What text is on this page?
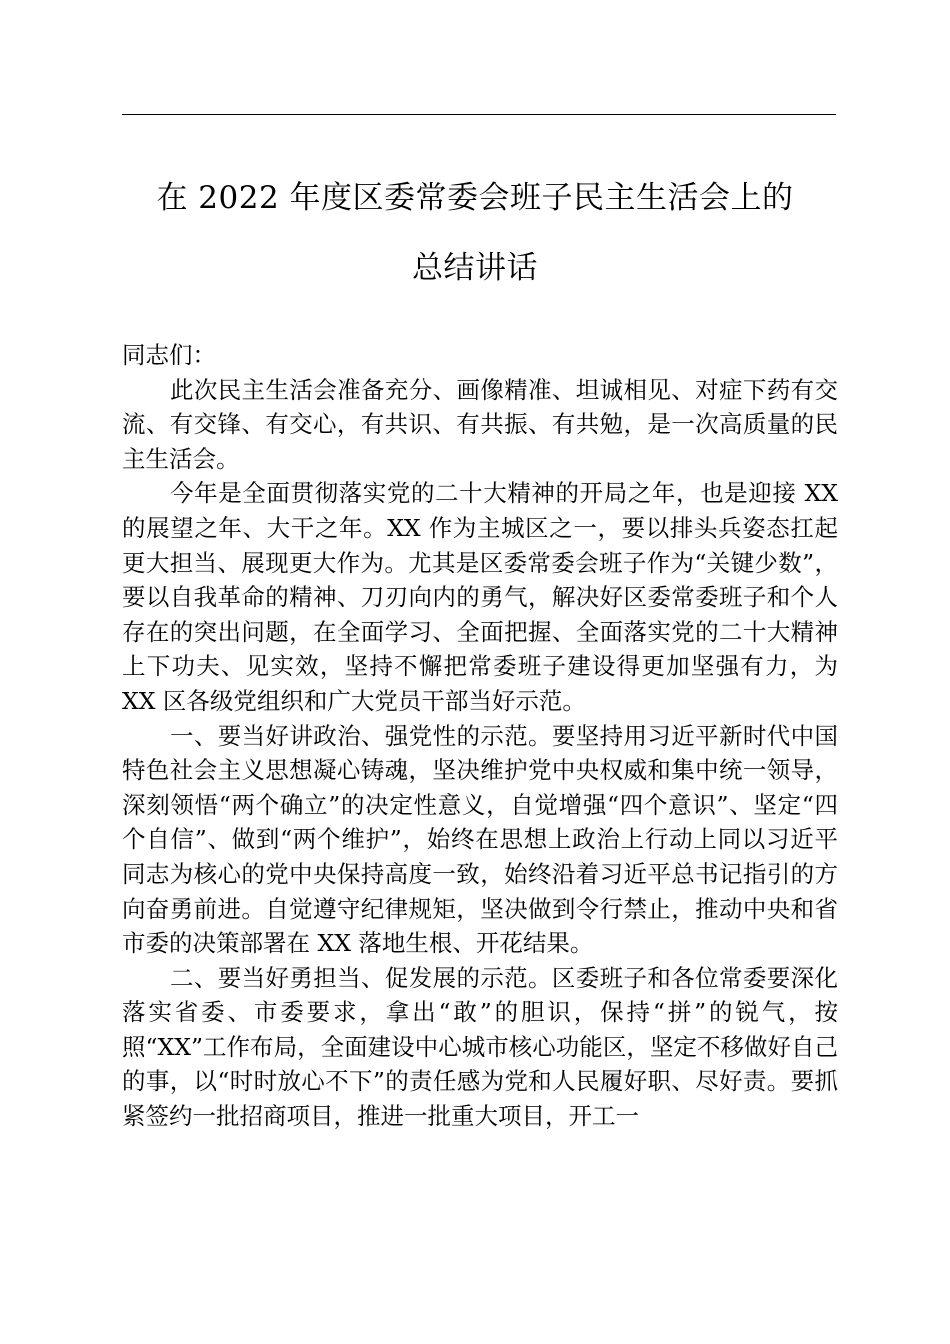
在 2022 年度区委常委会班子民主生活会上的
总结讲话

同志们：

此次民主生活会准备充分、画像精准、坦诚相见、对症下药有交流、有交锋、有交心，有共识、有共振、有共勉，是一次高质量的民主生活会。

今年是全面贯彻落实党的二十大精神的开局之年，也是迎接 XX 的展望之年、大干之年。XX 作为主城区之一，要以排头兵姿态扛起更大担当、展现更大作为。尤其是区委常委会班子作为“关键少数”，要以自我革命的精神、刀刃向内的勇气，解决好区委常委班子和个人存在的突出问题，在全面学习、全面把握、全面落实党的二十大精神上下功夫、见实效，坚持不懈把常委班子建设得更加坚强有力，为 XX 区各级党组织和广大党员干部当好示范。

一、要当好讲政治、强党性的示范。要坚持用习近平新时代中国特色社会主义思想凝心铸魂，坚决维护党中央权威和集中统一领导，深刻领悟“两个确立”的决定性意义，自觉增强“四个意识”、坚定“四个自信”、做到“两个维护”，始终在思想上政治上行动上同以习近平同志为核心的党中央保持高度一致，始终沿着习近平总书记指引的方向奋勇前进。自觉遵守纪律规矩，坚决做到令行禁止，推动中央和省市委的决策部署在 XX 落地生根、开花结果。

二、要当好勇担当、促发展的示范。区委班子和各位常委要深化落实省委、市委要求，拿出“敢”的胆识，保持“拼”的锐气，按照“XX”工作布局，全面建设中心城市核心功能区，坚定不移做好自己的事，以“时时放心不下”的责任感为党和人民履好职、尽好责。要抓紧签约一批招商项目，推进一批重大项目，开工一
